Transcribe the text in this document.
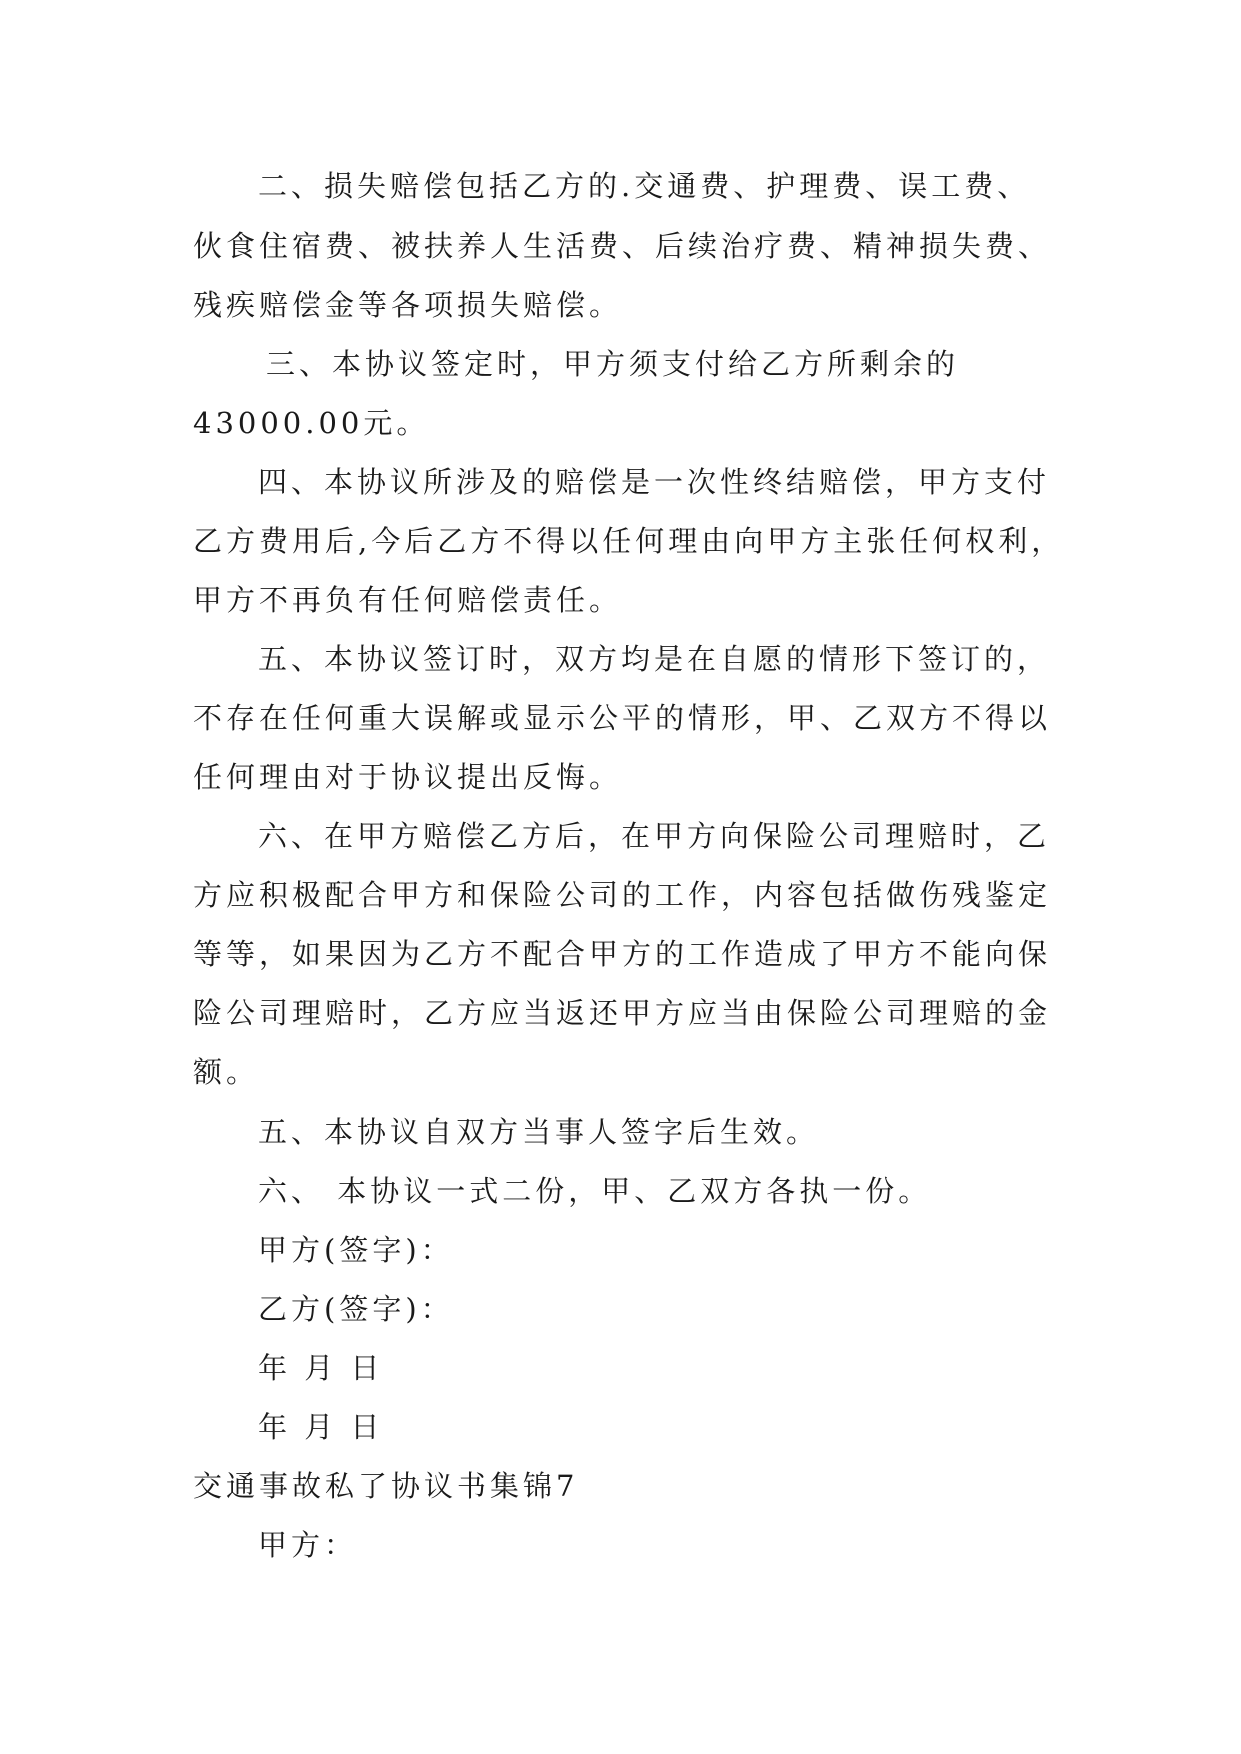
二、损失赔偿包括乙方的.交通费、护理费、误工费、

伙食住宿费、被扶养人生活费、后续治疗费、精神损失费、

残疾赔偿金等各项损失赔偿。

三、本协议签定时，甲方须支付给乙方所剩余的

43000.00元。

四、本协议所涉及的赔偿是一次性终结赔偿，甲方支付

乙方费用后,今后乙方不得以任何理由向甲方主张任何权利，

甲方不再负有任何赔偿责任。

五、本协议签订时，双方均是在自愿的情形下签订的，

不存在任何重大误解或显示公平的情形，甲、乙双方不得以

任何理由对于协议提出反悔。

六、在甲方赔偿乙方后，在甲方向保险公司理赔时，乙

方应积极配合甲方和保险公司的工作，内容包括做伤残鉴定

等等，如果因为乙方不配合甲方的工作造成了甲方不能向保

险公司理赔时，乙方应当返还甲方应当由保险公司理赔的金

额。

五、本协议自双方当事人签字后生效。

六、 本协议一式二份，甲、乙双方各执一份。

甲方(签字)：

乙方(签字)：

年 月 日

年 月 日

交通事故私了协议书集锦7

甲方：
